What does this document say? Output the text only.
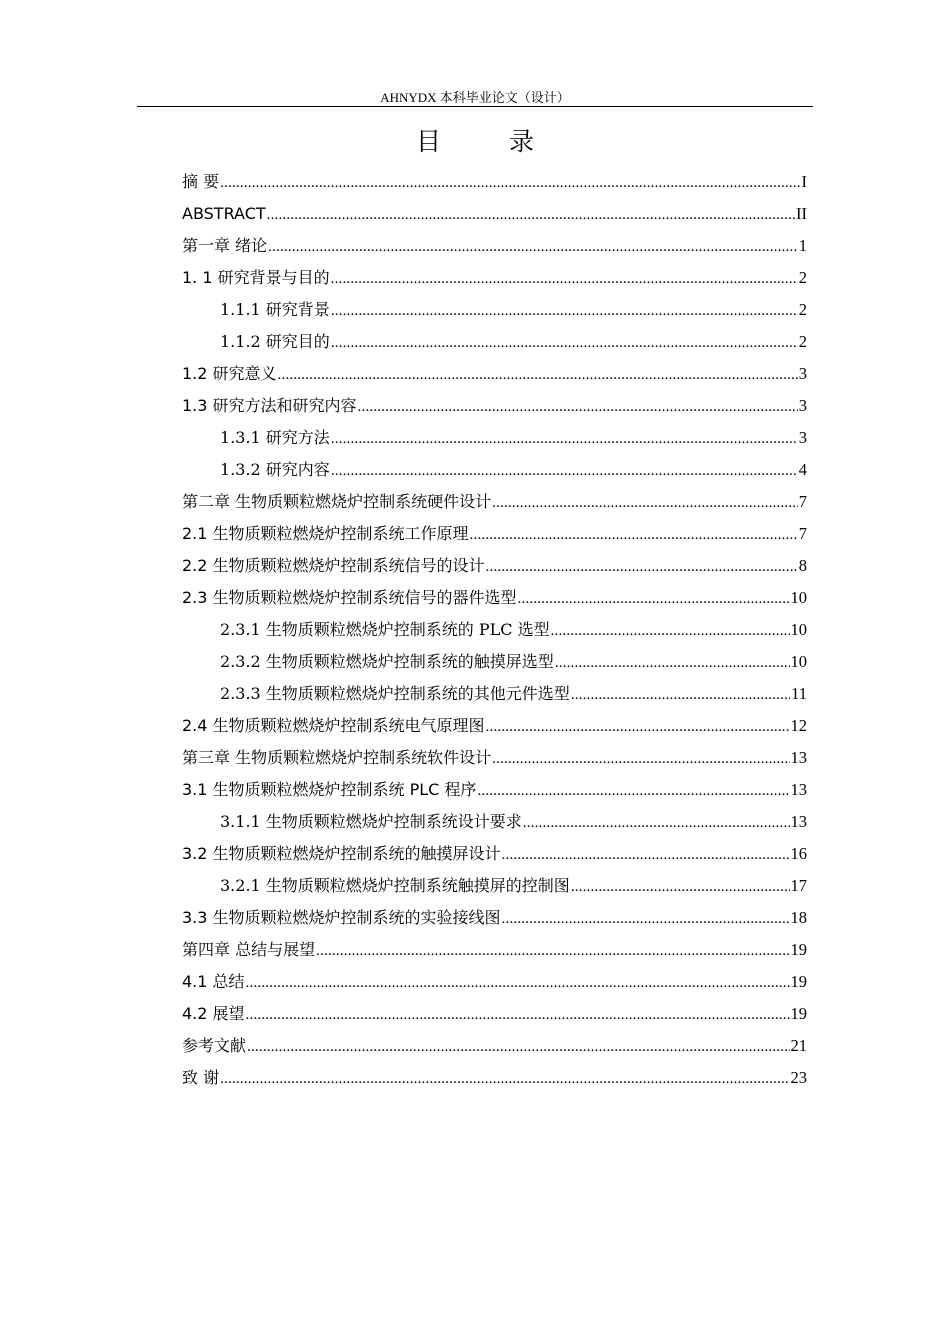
AHNYDX 本科毕业论文（设计）
目 录
摘 要 .....	I
ABSTRACT .....	II
第一章 绪论 .....	1
1. 1 研究背景与目的 .....	2
1.1.1 研究背景 .....	2
1.1.2 研究目的 .....	2
1.2 研究意义 .....	3
1.3 研究方法和研究内容 .....	3
1.3.1 研究方法 .....	3
1.3.2 研究内容 .....	4
第二章 生物质颗粒燃烧炉控制系统硬件设计 .....	7
2.1 生物质颗粒燃烧炉控制系统工作原理 .....	7
2.2 生物质颗粒燃烧炉控制系统信号的设计 .....	8
2.3 生物质颗粒燃烧炉控制系统信号的器件选型 .....	10
2.3.1 生物质颗粒燃烧炉控制系统的 PLC 选型 .....	10
2.3.2 生物质颗粒燃烧炉控制系统的触摸屏选型 .....	10
2.3.3 生物质颗粒燃烧炉控制系统的其他元件选型 .....	11
2.4 生物质颗粒燃烧炉控制系统电气原理图 .....	12
第三章 生物质颗粒燃烧炉控制系统软件设计 .....	13
3.1 生物质颗粒燃烧炉控制系统 PLC 程序 .....	13
3.1.1 生物质颗粒燃烧炉控制系统设计要求 .....	13
3.2 生物质颗粒燃烧炉控制系统的触摸屏设计 .....	16
3.2.1 生物质颗粒燃烧炉控制系统触摸屏的控制图 .....	17
3.3 生物质颗粒燃烧炉控制系统的实验接线图 .....	18
第四章 总结与展望 .....	19
4.1 总结 .....	19
4.2 展望 .....	19
参考文献 .....	21
致 谢 .....	23
